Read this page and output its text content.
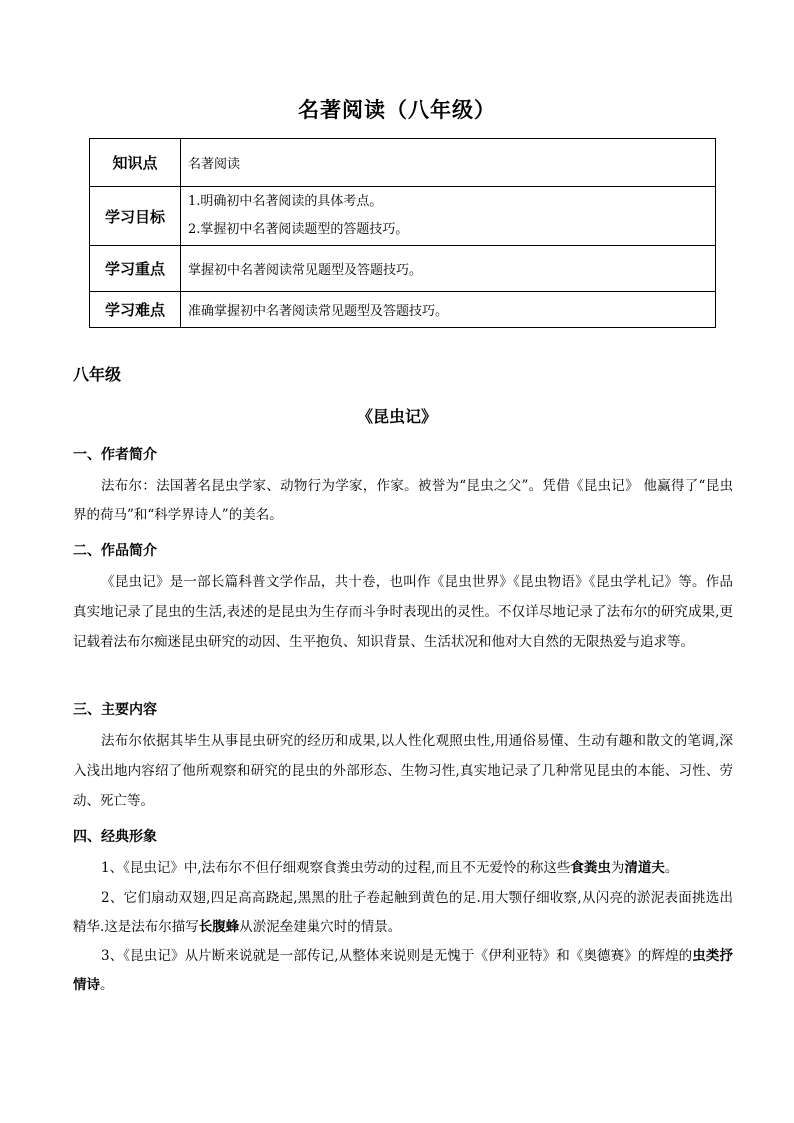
名著阅读（八年级）
知识点	名著阅读
学习目标	1.明确初中名著阅读的具体考点。
2.掌握初中名著阅读题型的答题技巧。

学习重点	掌握初中名著阅读常见题型及答题技巧。
学习难点	准确掌握初中名著阅读常见题型及答题技巧。
八年级
《昆虫记》
一、作者简介
法布尔：法国著名昆虫学家、动物行为学家，作家。被誉为“昆虫之父”。凭借《昆虫记》 他赢得了“昆虫界的荷马”和“科学界诗人”的美名。
二、作品简介
《昆虫记》是一部长篇科普文学作品，共十卷，也叫作《昆虫世界》《昆虫物语》《昆虫学札记》等。作品真实地记录了昆虫的生活,表述的是昆虫为生存而斗争时表现出的灵性。不仅详尽地记录了法布尔的研究成果,更记载着法布尔痴迷昆虫研究的动因、生平抱负、知识背景、生活状况和他对大自然的无限热爱与追求等。
三、主要内容
法布尔依据其毕生从事昆虫研究的经历和成果,以人性化观照虫性,用通俗易懂、生动有趣和散文的笔调,深入浅出地内容绍了他所观察和研究的昆虫的外部形态、生物习性,真实地记录了几种常见昆虫的本能、习性、劳动、死亡等。
四、经典形象
1、《昆虫记》中,法布尔不但仔细观察食粪虫劳动的过程,而且不无爱怜的称这些食粪虫为清道夫。
2、它们扇动双翅,四足高高跷起,黑黑的肚子卷起触到黄色的足.用大颚仔细收察,从闪亮的淤泥表面挑选出精华.这是法布尔描写长腹蜂从淤泥垒建巢穴时的情景。
3、《昆虫记》从片断来说就是一部传记,从整体来说则是无愧于《伊利亚特》和《奥德赛》的辉煌的虫类抒情诗。
